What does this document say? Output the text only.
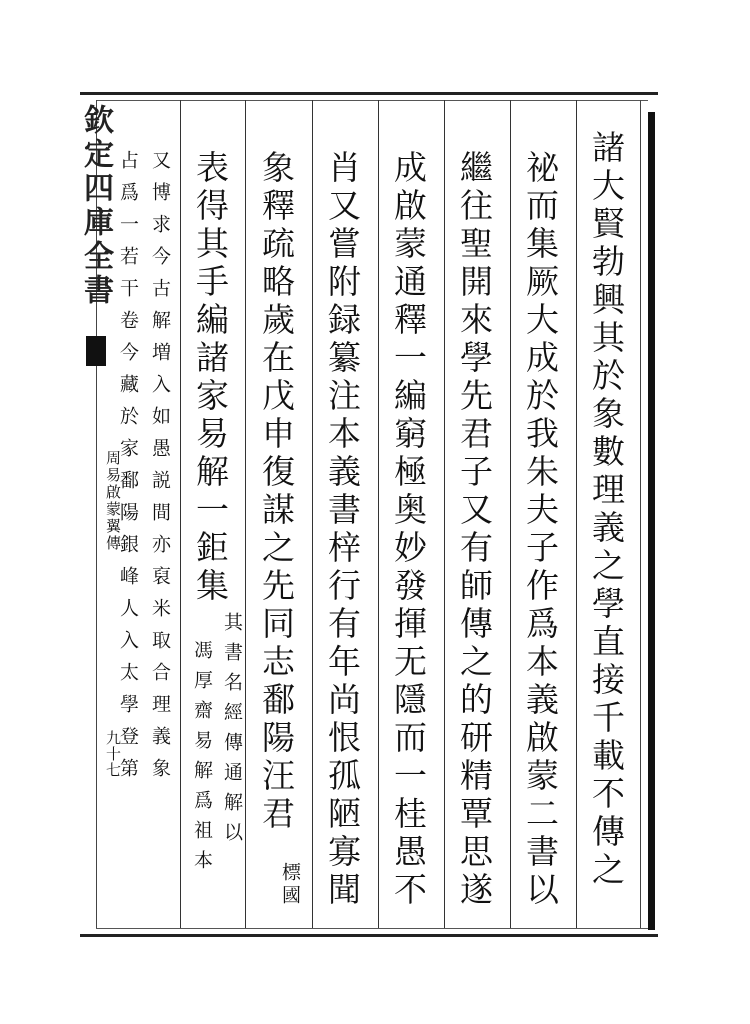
欽定四庫全書
周易啟蒙翼傳
九十七	諸大賢勃興其於象數理義之學直接千載不傳之
祕而集厥大成於我朱夫子作爲本義啟蒙二書以
繼往聖開來學先君子又有師傳之的研精覃思遂
成啟蒙通釋一編窮極奥妙發揮无隱而一桂愚不
肖又嘗附録纂注本義書梓行有年尚恨孤陋寡聞
象釋疏略歲在戊申復謀之先同志鄱陽汪君
標國
表得其手編諸家易解一鉅集
其書名經傳通解以
馮厚齋易解爲祖本
又博求今古解増入如愚説間亦裒米取合理義象
占爲一若干卷今藏於家鄱陽銀峰人入太學登第
